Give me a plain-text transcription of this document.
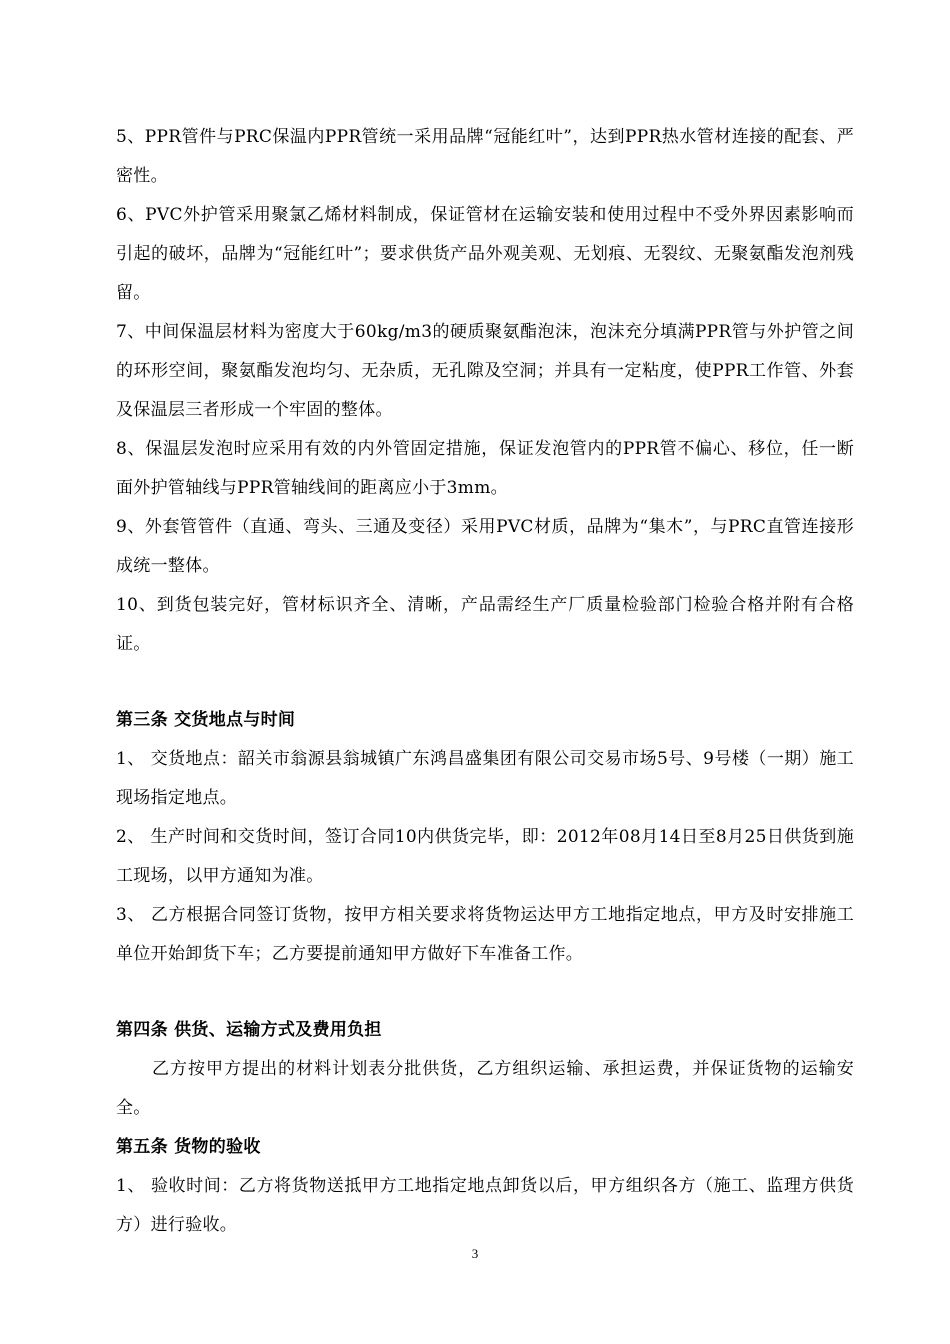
5、PPR管件与PRC保温内PPR管统一采用品牌“冠能红叶”，达到PPR热水管材连接的配套、严密性。

6、PVC外护管采用聚氯乙烯材料制成，保证管材在运输安装和使用过程中不受外界因素影响而引起的破坏，品牌为“冠能红叶”；要求供货产品外观美观、无划痕、无裂纹、无聚氨酯发泡剂残留。

7、中间保温层材料为密度大于60kg/m3的硬质聚氨酯泡沫，泡沫充分填满PPR管与外护管之间的环形空间，聚氨酯发泡均匀、无杂质，无孔隙及空洞；并具有一定粘度，使PPR工作管、外套及保温层三者形成一个牢固的整体。

8、保温层发泡时应采用有效的内外管固定措施，保证发泡管内的PPR管不偏心、移位，任一断面外护管轴线与PPR管轴线间的距离应小于3mm。

9、外套管管件（直通、弯头、三通及变径）采用PVC材质，品牌为“集木”，与PRC直管连接形成统一整体。

10、到货包装完好，管材标识齐全、清晰，产品需经生产厂质量检验部门检验合格并附有合格证。

第三条 交货地点与时间

1、 交货地点：韶关市翁源县翁城镇广东鸿昌盛集团有限公司交易市场5号、9号楼（一期）施工现场指定地点。

2、 生产时间和交货时间，签订合同10内供货完毕，即：2012年08月14日至8月25日供货到施工现场，以甲方通知为准。

3、 乙方根据合同签订货物，按甲方相关要求将货物运达甲方工地指定地点，甲方及时安排施工单位开始卸货下车；乙方要提前通知甲方做好下车准备工作。

第四条 供货、运输方式及费用负担

乙方按甲方提出的材料计划表分批供货，乙方组织运输、承担运费，并保证货物的运输安全。

第五条 货物的验收

1、 验收时间：乙方将货物送抵甲方工地指定地点卸货以后，甲方组织各方（施工、监理方供货方）进行验收。

3
